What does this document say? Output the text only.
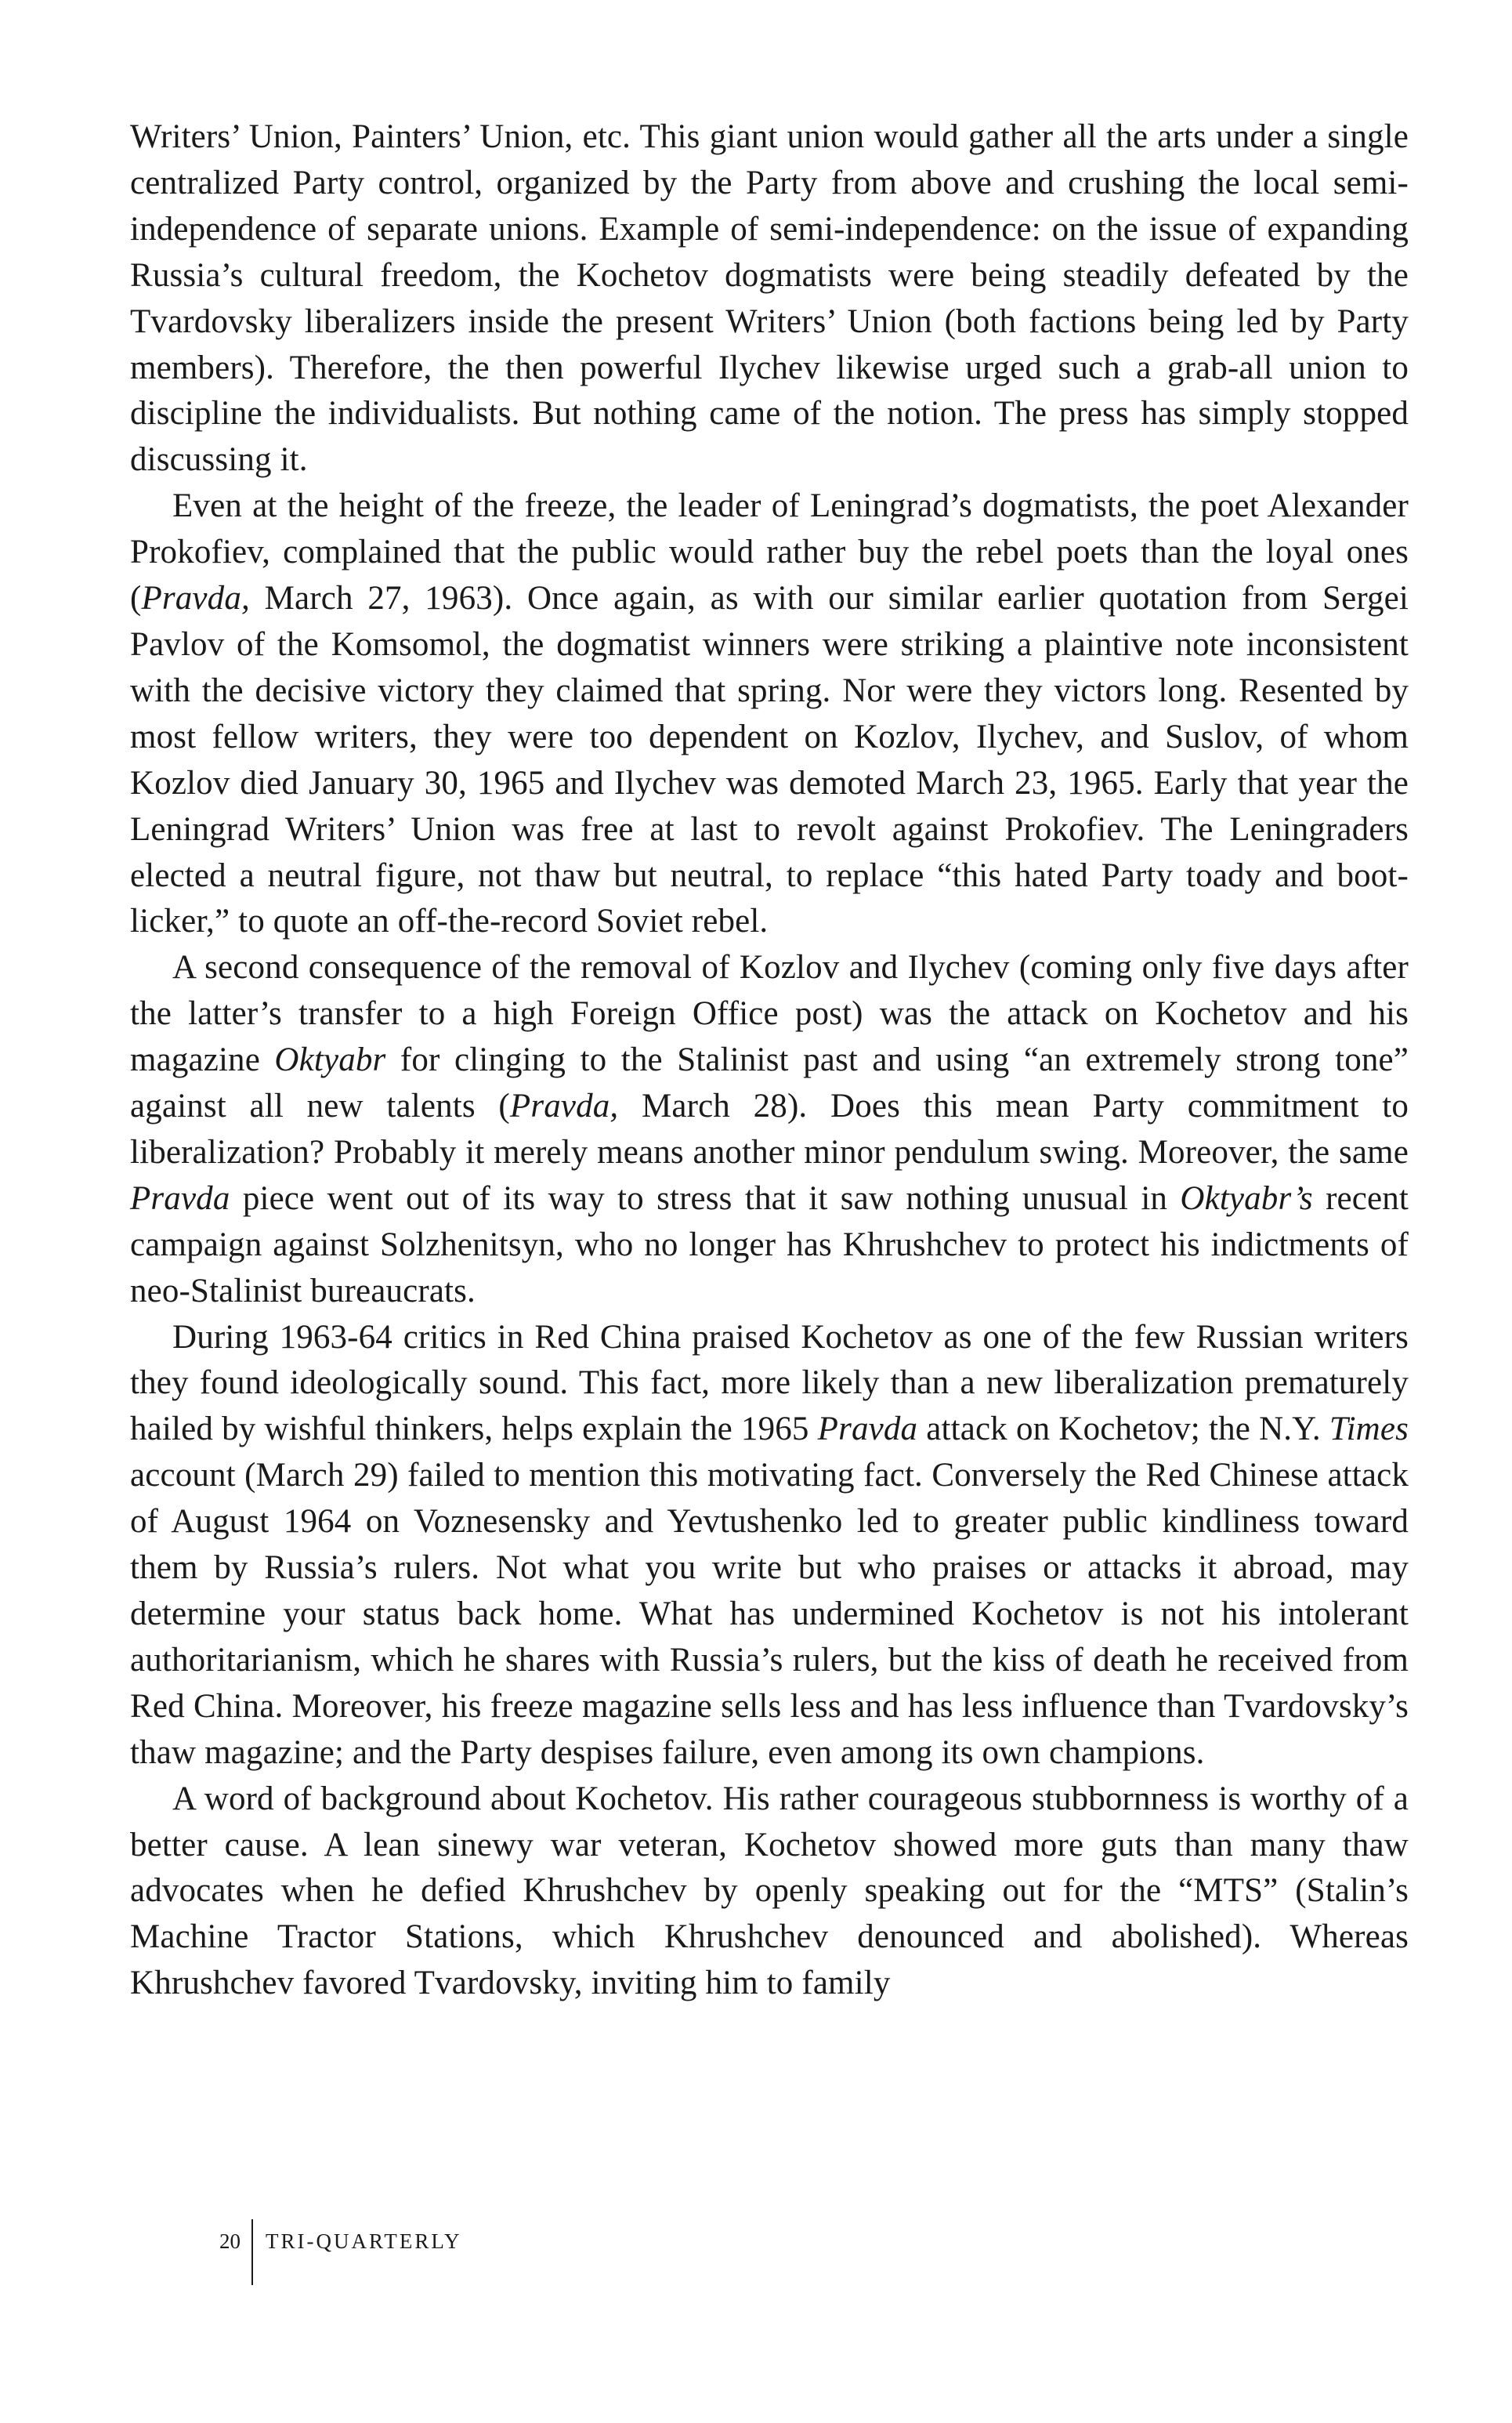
Writers’ Union, Painters’ Union, etc. This giant union would gather all the arts under a single centralized Party control, organized by the Party from above and crushing the local semi-independence of separate unions. Example of semi-independence: on the issue of expanding Russia’s cultural freedom, the Kochetov dogmatists were being steadily defeated by the Tvardovsky liberalizers inside the present Writers’ Union (both factions being led by Party members). Therefore, the then powerful Ilychev likewise urged such a grab-all union to discipline the individualists. But nothing came of the notion. The press has simply stopped discussing it.

Even at the height of the freeze, the leader of Leningrad’s dogmatists, the poet Alexander Prokofiev, complained that the public would rather buy the rebel poets than the loyal ones (Pravda, March 27, 1963). Once again, as with our similar earlier quotation from Sergei Pavlov of the Komsomol, the dogmatist winners were striking a plaintive note inconsistent with the decisive victory they claimed that spring. Nor were they victors long. Resented by most fellow writers, they were too dependent on Kozlov, Ilychev, and Suslov, of whom Kozlov died January 30, 1965 and Ilychev was demoted March 23, 1965. Early that year the Leningrad Writers’ Union was free at last to revolt against Prokofiev. The Leningraders elected a neutral figure, not thaw but neutral, to replace “this hated Party toady and boot-licker,” to quote an off-the-record Soviet rebel.

A second consequence of the removal of Kozlov and Ilychev (coming only five days after the latter’s transfer to a high Foreign Office post) was the attack on Kochetov and his magazine Oktyabr for clinging to the Stalinist past and using “an extremely strong tone” against all new talents (Pravda, March 28). Does this mean Party commitment to liberalization? Probably it merely means another minor pendulum swing. Moreover, the same Pravda piece went out of its way to stress that it saw nothing unusual in Oktyabr’s recent campaign against Solzhenitsyn, who no longer has Khrushchev to protect his indictments of neo-Stalinist bureaucrats.

During 1963-64 critics in Red China praised Kochetov as one of the few Russian writers they found ideologically sound. This fact, more likely than a new liberalization prematurely hailed by wishful thinkers, helps explain the 1965 Pravda attack on Kochetov; the N.Y. Times account (March 29) failed to mention this motivating fact. Conversely the Red Chinese attack of August 1964 on Voznesensky and Yevtushenko led to greater public kindliness toward them by Russia’s rulers. Not what you write but who praises or attacks it abroad, may determine your status back home. What has undermined Kochetov is not his intolerant authoritarianism, which he shares with Russia’s rulers, but the kiss of death he received from Red China. Moreover, his freeze magazine sells less and has less influence than Tvardovsky’s thaw magazine; and the Party despises failure, even among its own champions.

A word of background about Kochetov. His rather courageous stubbornness is worthy of a better cause. A lean sinewy war veteran, Kochetov showed more guts than many thaw advocates when he defied Khrushchev by openly speaking out for the “MTS” (Stalin’s Machine Tractor Stations, which Khrushchev denounced and abolished). Whereas Khrushchev favored Tvardovsky, inviting him to family

20	TRI-QUARTERLY
